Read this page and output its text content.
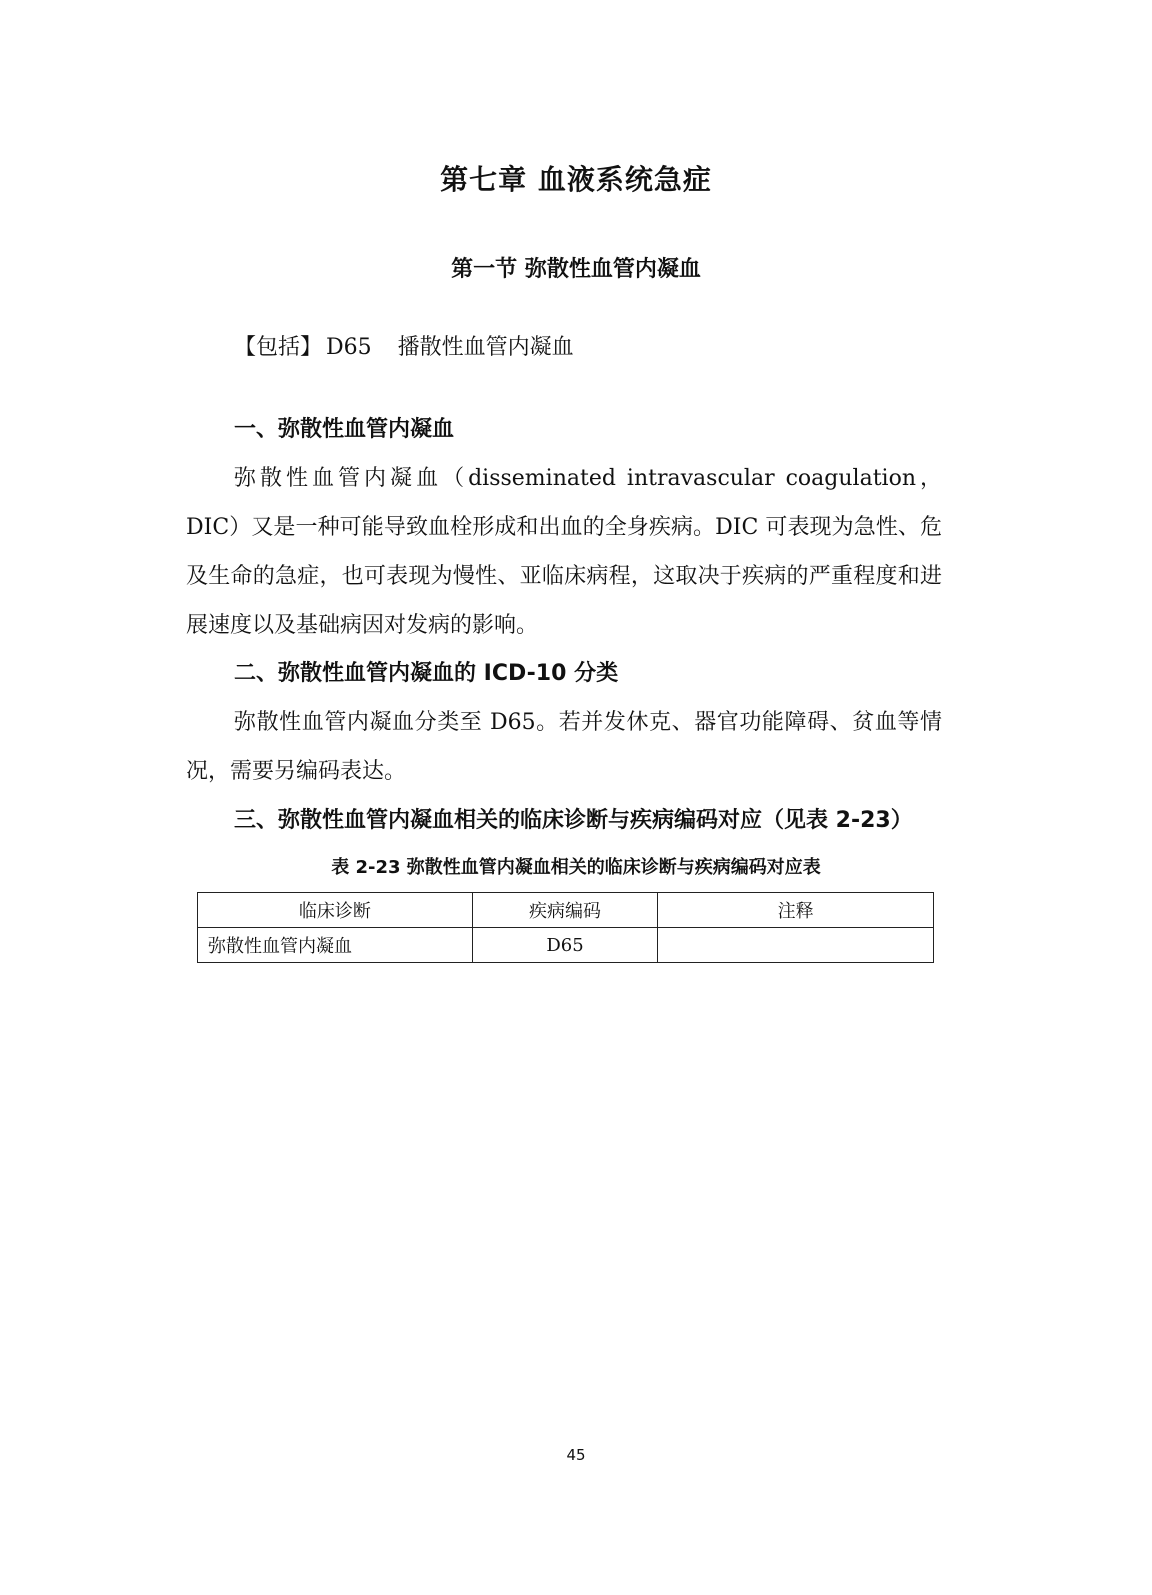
第七章 血液系统急症
第一节 弥散性血管内凝血
【包括】 D65 播散性血管内凝血
一、弥散性血管内凝血
弥散性血管内凝血（disseminated intravascular coagulation，DIC）又是一种可能导致血栓形成和出血的全身疾病。DIC 可表现为急性、危及生命的急症，也可表现为慢性、亚临床病程，这取决于疾病的严重程度和进展速度以及基础病因对发病的影响。
二、弥散性血管内凝血的 ICD-10 分类
弥散性血管内凝血分类至 D65。若并发休克、器官功能障碍、贫血等情况，需要另编码表达。
三、弥散性血管内凝血相关的临床诊断与疾病编码对应（见表 2-23）
表 2-23 弥散性血管内凝血相关的临床诊断与疾病编码对应表
临床诊断	疾病编码	注释
弥散性血管内凝血	D65	
45
